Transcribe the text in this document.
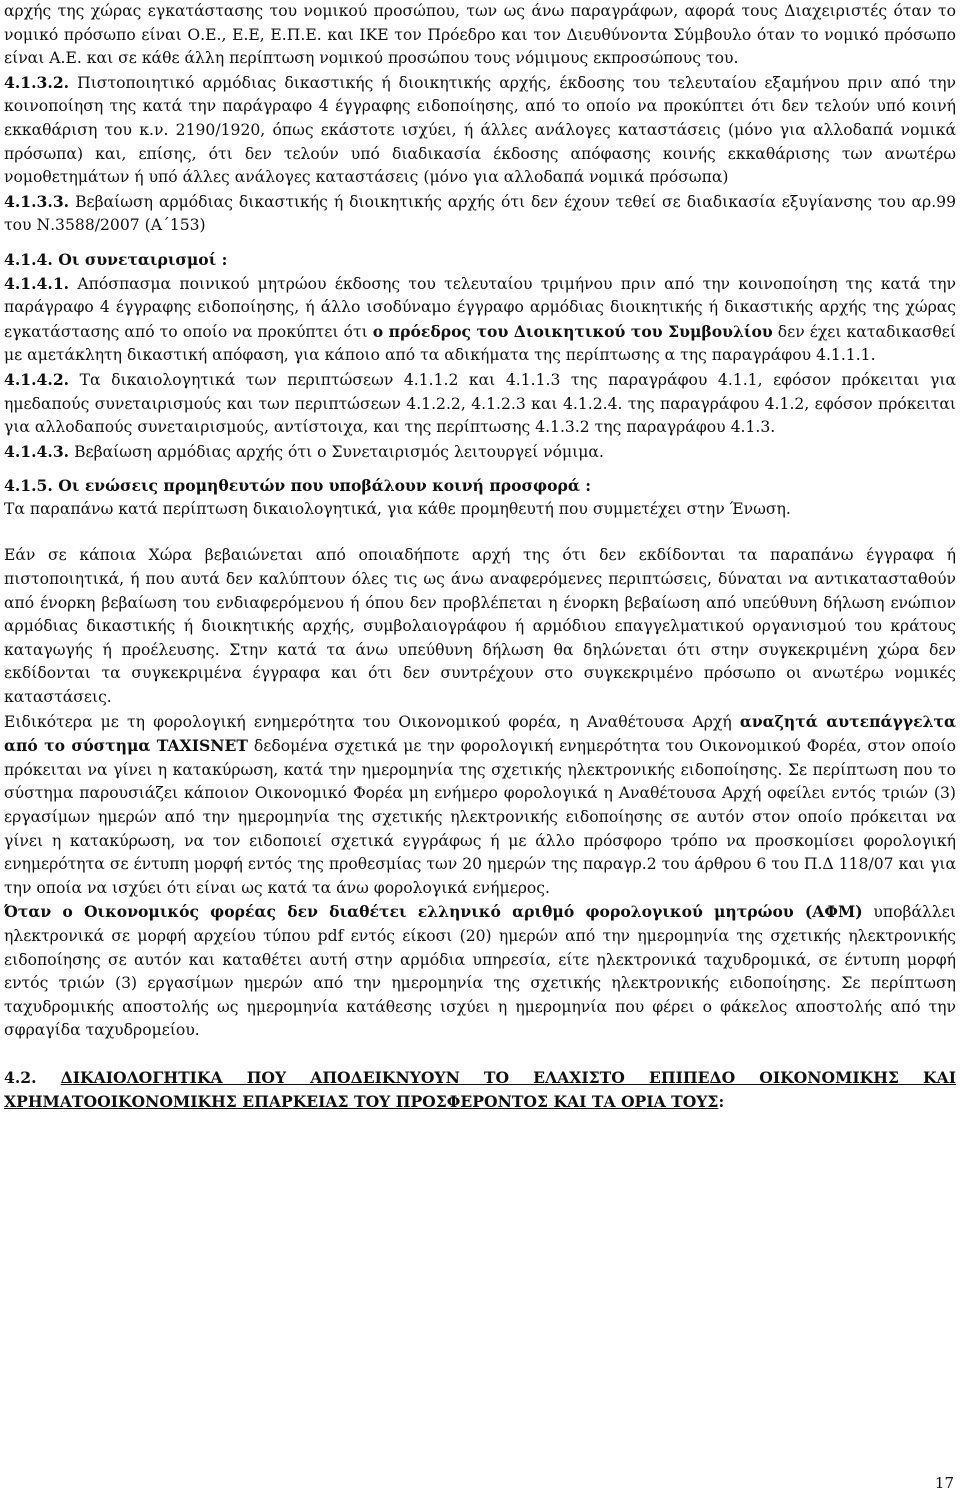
αρχής της χώρας εγκατάστασης του νομικού προσώπου, των ως άνω παραγράφων, αφορά τους Διαχειριστές όταν το νομικό πρόσωπο είναι Ο.Ε., Ε.Ε, Ε.Π.Ε. και ΙΚΕ τον Πρόεδρο και τον Διευθύνοντα Σύμβουλο όταν το νομικό πρόσωπο είναι Α.Ε. και σε κάθε άλλη περίπτωση νομικού προσώπου τους νόμιμους εκπροσώπους του.

4.1.3.2. Πιστοποιητικό αρμόδιας δικαστικής ή διοικητικής αρχής, έκδοσης του τελευταίου εξαμήνου πριν από την κοινοποίηση της κατά την παράγραφο 4 έγγραφης ειδοποίησης, από το οποίο να προκύπτει ότι δεν τελούν υπό κοινή εκκαθάριση του κ.ν. 2190/1920, όπως εκάστοτε ισχύει, ή άλλες ανάλογες καταστάσεις (μόνο για αλλοδαπά νομικά πρόσωπα) και, επίσης, ότι δεν τελούν υπό διαδικασία έκδοσης απόφασης κοινής εκκαθάρισης των ανωτέρω νομοθετημάτων ή υπό άλλες ανάλογες καταστάσεις (μόνο για αλλοδαπά νομικά πρόσωπα)

4.1.3.3. Βεβαίωση αρμόδιας δικαστικής ή διοικητικής αρχής ότι δεν έχουν τεθεί σε διαδικασία εξυγίανσης του αρ.99 του Ν.3588/2007 (Α΄153)

4.1.4. Οι συνεταιρισμοί :

4.1.4.1. Απόσπασμα ποινικού μητρώου έκδοσης του τελευταίου τριμήνου πριν από την κοινοποίηση της κατά την παράγραφο 4 έγγραφης ειδοποίησης, ή άλλο ισοδύναμο έγγραφο αρμόδιας διοικητικής ή δικαστικής αρχής της χώρας εγκατάστασης από το οποίο να προκύπτει ότι ο πρόεδρος του Διοικητικού του Συμβουλίου δεν έχει καταδικασθεί με αμετάκλητη δικαστική απόφαση, για κάποιο από τα αδικήματα της περίπτωσης α της παραγράφου 4.1.1.1.

4.1.4.2. Τα δικαιολογητικά των περιπτώσεων 4.1.1.2 και 4.1.1.3 της παραγράφου 4.1.1, εφόσον πρόκειται για ημεδαπούς συνεταιρισμούς και των περιπτώσεων 4.1.2.2, 4.1.2.3 και 4.1.2.4. της παραγράφου 4.1.2, εφόσον πρόκειται για αλλοδαπούς συνεταιρισμούς, αντίστοιχα, και της περίπτωσης 4.1.3.2 της παραγράφου 4.1.3.

4.1.4.3. Βεβαίωση αρμόδιας αρχής ότι ο Συνεταιρισμός λειτουργεί νόμιμα.

4.1.5. Οι ενώσεις προμηθευτών που υποβάλουν κοινή προσφορά :

Τα παραπάνω κατά περίπτωση δικαιολογητικά, για κάθε προμηθευτή που συμμετέχει στην Ένωση.

Εάν σε κάποια Χώρα βεβαιώνεται από οποιαδήποτε αρχή της ότι δεν εκδίδονται τα παραπάνω έγγραφα ή πιστοποιητικά, ή που αυτά δεν καλύπτουν όλες τις ως άνω αναφερόμενες περιπτώσεις, δύναται να αντικατασταθούν από ένορκη βεβαίωση του ενδιαφερόμενου ή όπου δεν προβλέπεται η ένορκη βεβαίωση από υπεύθυνη δήλωση ενώπιον αρμόδιας δικαστικής ή διοικητικής αρχής, συμβολαιογράφου ή αρμόδιου επαγγελματικού οργανισμού του κράτους καταγωγής ή προέλευσης. Στην κατά τα άνω υπεύθυνη δήλωση θα δηλώνεται ότι στην συγκεκριμένη χώρα δεν εκδίδονται τα συγκεκριμένα έγγραφα και ότι δεν συντρέχουν στο συγκεκριμένο πρόσωπο οι ανωτέρω νομικές καταστάσεις.

Ειδικότερα με τη φορολογική ενημερότητα του Οικονομικού φορέα, η Αναθέτουσα Αρχή αναζητά αυτεπάγγελτα από το σύστημα TAXISNET δεδομένα σχετικά με την φορολογική ενημερότητα του Οικονομικού Φορέα, στον οποίο πρόκειται να γίνει η κατακύρωση, κατά την ημερομηνία της σχετικής ηλεκτρονικής ειδοποίησης. Σε περίπτωση που το σύστημα παρουσιάζει κάποιον Οικονομικό Φορέα μη ενήμερο φορολογικά η Αναθέτουσα Αρχή οφείλει εντός τριών (3) εργασίμων ημερών από την ημερομηνία της σχετικής ηλεκτρονικής ειδοποίησης σε αυτόν στον οποίο πρόκειται να γίνει η κατακύρωση, να τον ειδοποιεί σχετικά εγγράφως ή με άλλο πρόσφορο τρόπο να προσκομίσει φορολογική ενημερότητα σε έντυπη μορφή εντός της προθεσμίας των 20 ημερών της παραγρ.2 του άρθρου 6 του Π.Δ 118/07 και για την οποία να ισχύει ότι είναι ως κατά τα άνω φορολογικά ενήμερος.

Όταν ο Οικονομικός φορέας δεν διαθέτει ελληνικό αριθμό φορολογικού μητρώου (ΑΦΜ) υποβάλλει ηλεκτρονικά σε μορφή αρχείου τύπου pdf εντός είκοσι (20) ημερών από την ημερομηνία της σχετικής ηλεκτρονικής ειδοποίησης σε αυτόν και καταθέτει αυτή στην αρμόδια υπηρεσία, είτε ηλεκτρονικά ταχυδρομικά, σε έντυπη μορφή εντός τριών (3) εργασίμων ημερών από την ημερομηνία της σχετικής ηλεκτρονικής ειδοποίησης. Σε περίπτωση ταχυδρομικής αποστολής ως ημερομηνία κατάθεσης ισχύει η ημερομηνία που φέρει ο φάκελος αποστολής από την σφραγίδα ταχυδρομείου.

4.2. ΔΙΚΑΙΟΛΟΓΗΤΙΚΑ ΠΟΥ ΑΠΟΔΕΙΚΝΥΟΥΝ ΤΟ ΕΛΑΧΙΣΤΟ ΕΠΙΠΕΔΟ ΟΙΚΟΝΟΜΙΚΗΣ ΚΑΙ ΧΡΗΜΑΤΟΟΙΚΟΝΟΜΙΚΗΣ ΕΠΑΡΚΕΙΑΣ ΤΟΥ ΠΡΟΣΦΕΡΟΝΤΟΣ ΚΑΙ ΤΑ ΟΡΙΑ ΤΟΥΣ:

17
